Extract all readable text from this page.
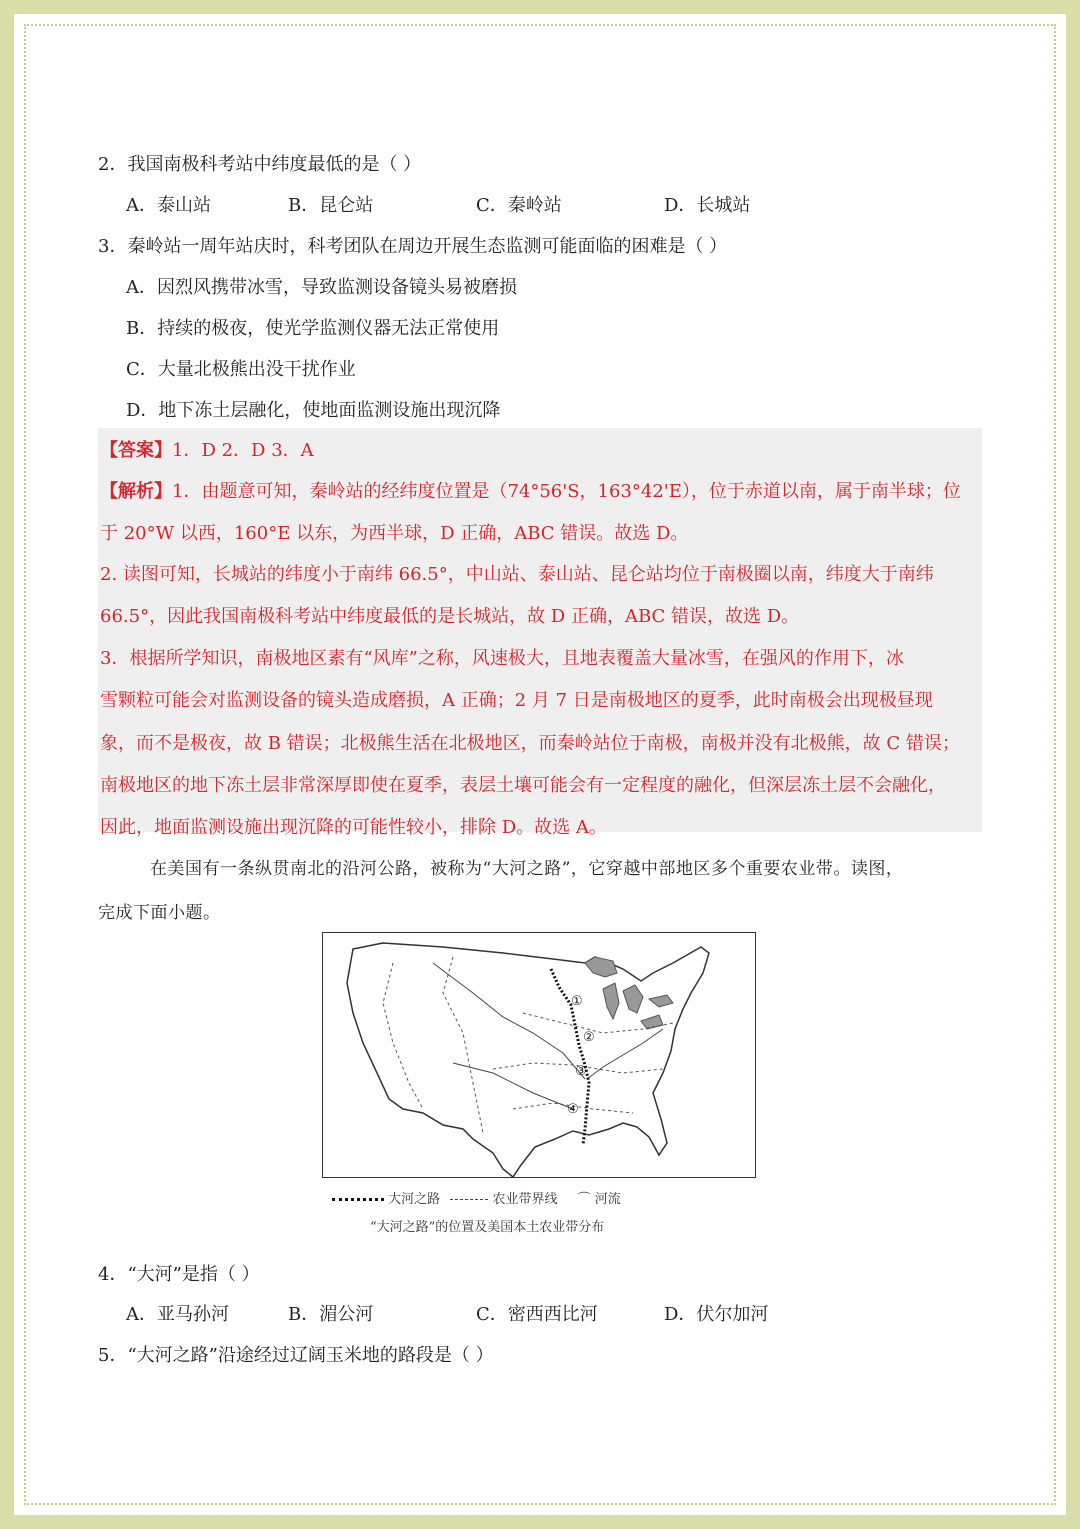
2．我国南极科考站中纬度最低的是（ ）
A．泰山站	B．昆仑站	C．秦岭站	D．长城站
3．秦岭站一周年站庆时，科考团队在周边开展生态监测可能面临的困难是（ ）
A．因烈风携带冰雪，导致监测设备镜头易被磨损
B．持续的极夜，使光学监测仪器无法正常使用
C．大量北极熊出没干扰作业
D．地下冻土层融化，使地面监测设施出现沉降
【答案】1．D 2．D 3．A
【解析】1．由题意可知，秦岭站的经纬度位置是（74°56'S，163°42'E），位于赤道以南，属于南半球；位
于 20°W 以西，160°E 以东，为西半球，D 正确，ABC 错误。故选 D。
2. 读图可知，长城站的纬度小于南纬 66.5°，中山站、泰山站、昆仑站均位于南极圈以南，纬度大于南纬
66.5°，因此我国南极科考站中纬度最低的是长城站，故 D 正确，ABC 错误，故选 D。
3．根据所学知识，南极地区素有“风库”之称，风速极大，且地表覆盖大量冰雪，在强风的作用下，冰
雪颗粒可能会对监测设备的镜头造成磨损，A 正确；2 月 7 日是南极地区的夏季，此时南极会出现极昼现
象，而不是极夜，故 B 错误；北极熊生活在北极地区，而秦岭站位于南极，南极并没有北极熊，故 C 错误；
南极地区的地下冻土层非常深厚即使在夏季，表层土壤可能会有一定程度的融化，但深层冻土层不会融化，
因此，地面监测设施出现沉降的可能性较小，排除 D。故选 A。
在美国有一条纵贯南北的沿河公路，被称为“大河之路”，它穿越中部地区多个重要农业带。读图，
完成下面小题。
①
②
③
④
大河之路	农业带界线 ⌒ 河流
“大河之路”的位置及美国本土农业带分布
4．“大河”是指（ ）
A．亚马孙河	B．湄公河	C．密西西比河	D．伏尔加河
5．“大河之路”沿途经过辽阔玉米地的路段是（ ）
